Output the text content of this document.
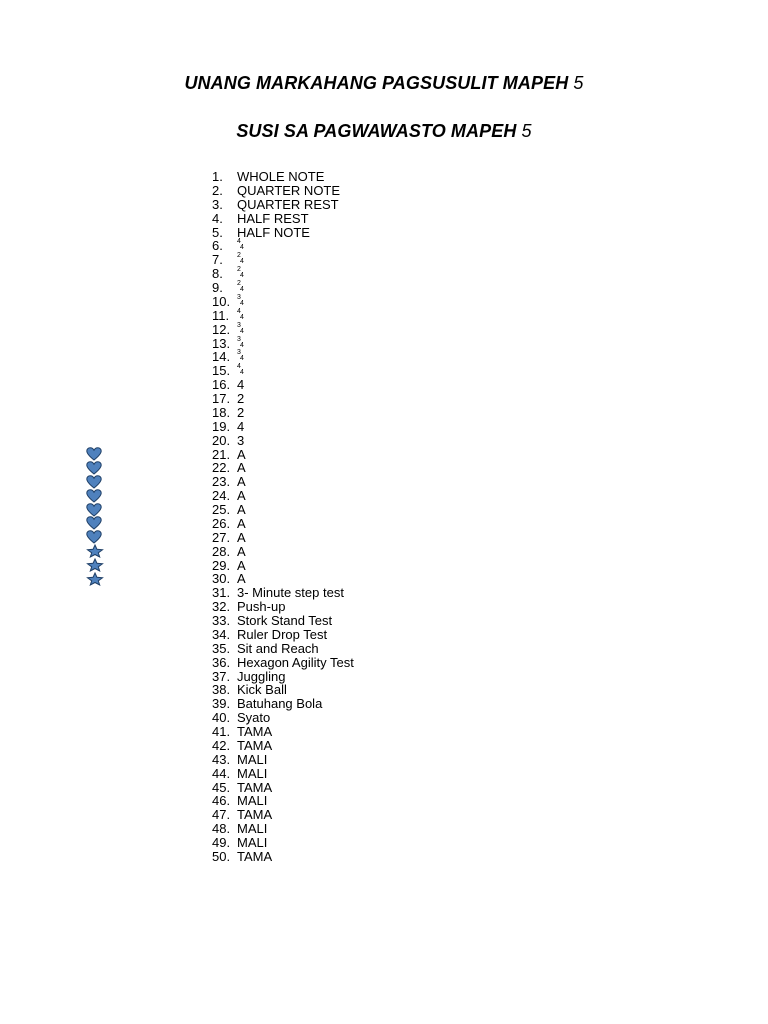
UNANG MARKAHANG PAGSUSULIT MAPEH 5
SUSI SA PAGWAWASTO MAPEH 5
1. WHOLE NOTE
2. QUARTER NOTE
3. QUARTER REST
4. HALF REST
5. HALF NOTE
6. 4
4
7. 2
4
8. 2
4
9. 2
4
10. 3
4
11. 4
4
12. 3
4
13. 3
4
14. 3
4
15. 4
4
16. 4
17. 2
18. 2
19. 4
20. 3
21. A
22. A
23. A
24. A
25. A
26. A
27. A
28. A
29. A
30. A
31. 3- Minute step test
32. Push-up
33. Stork Stand Test
34. Ruler Drop Test
35. Sit and Reach
36. Hexagon Agility Test
37. Juggling
38. Kick Ball
39. Batuhang Bola
40. Syato
41. TAMA
42. TAMA
43. MALI
44. MALI
45. TAMA
46. MALI
47. TAMA
48. MALI
49. MALI
50. TAMA
